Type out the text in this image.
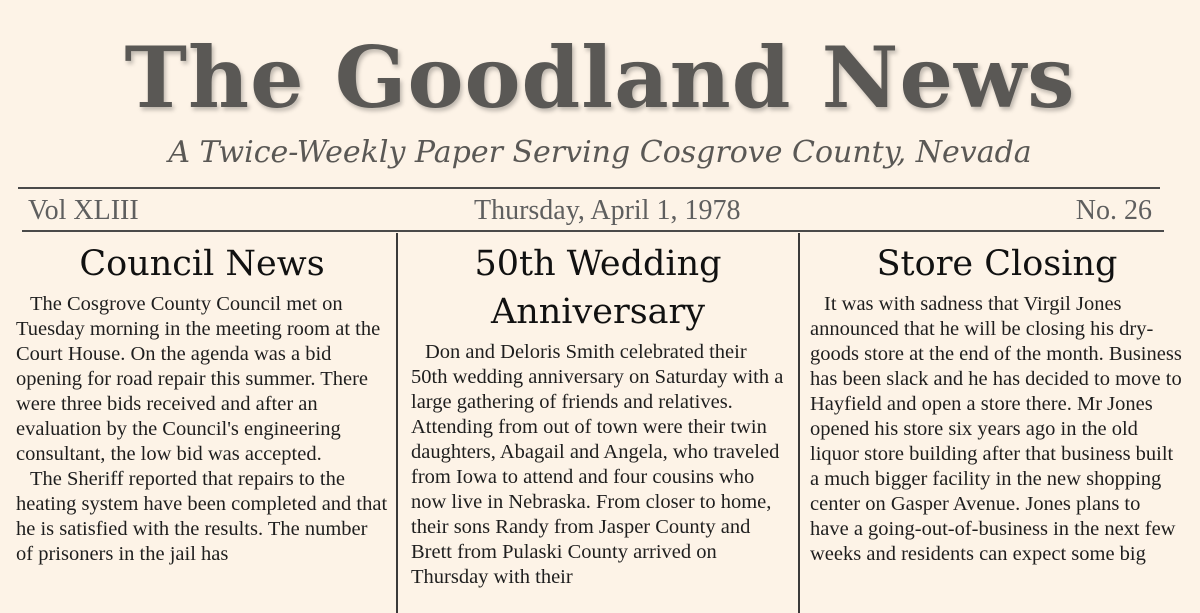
The Goodland News

A Twice-Weekly Paper Serving Cosgrove County, Nevada

Vol XLIII	Thursday, April 1, 1978	No. 26
Council News

The Cosgrove County Council met on Tuesday morning in the meeting room at the Court House. On the agenda was a bid opening for road repair this summer. There were three bids received and after an evaluation by the Council's engineering consultant, the low bid was accepted.

The Sheriff reported that repairs to the heating system have been completed and that he is satisfied with the results. The number of prisoners in the jail has

50th Wedding Anniversary

Don and Deloris Smith celebrated their 50th wedding anniversary on Saturday with a large gathering of friends and relatives. Attending from out of town were their twin daughters, Abagail and Angela, who traveled from Iowa to attend and four cousins who now live in Nebraska. From closer to home, their sons Randy from Jasper County and Brett from Pulaski County arrived on Thursday with their

Store Closing

It was with sadness that Virgil Jones announced that he will be closing his dry-goods store at the end of the month. Business has been slack and he has decided to move to Hayfield and open a store there. Mr Jones opened his store six years ago in the old liquor store building after that business built a much bigger facility in the new shopping center on Gasper Avenue. Jones plans to have a going-out-of-business in the next few weeks and residents can expect some big
